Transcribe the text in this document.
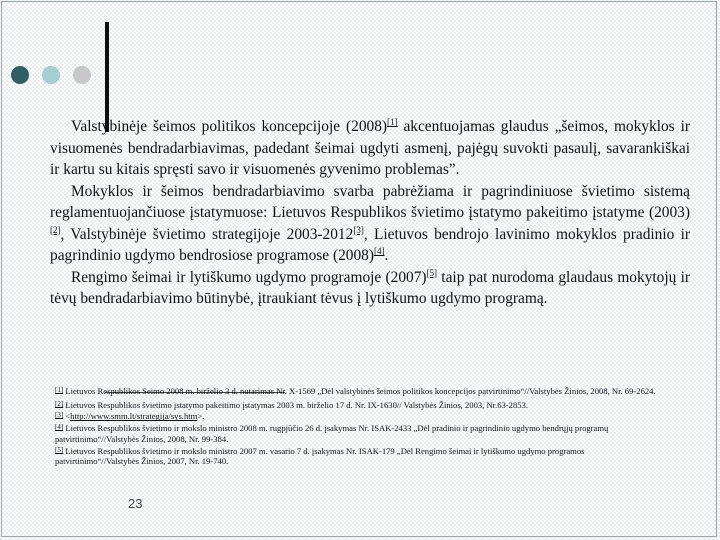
Valstybinėje šeimos politikos koncepcijoje (2008)[1] akcentuojamas glaudus „šeimos, mokyklos ir visuomenės bendradarbiavimas, padedant šeimai ugdyti asmenį, pajėgų suvokti pasaulį, savarankiškai ir kartu su kitais spręsti savo ir visuomenės gyvenimo problemas”.

Mokyklos ir šeimos bendradarbiavimo svarba pabrėžiama ir pagrindiniuose švietimo sistemą reglamentuojančiuose įstatymuose: Lietuvos Respublikos švietimo įstatymo pakeitimo įstatyme (2003)[2], Valstybinėje švietimo strategijoje 2003-2012[3], Lietuvos bendrojo lavinimo mokyklos pradinio ir pagrindinio ugdymo bendrosiose programose (2008)[4].

Rengimo šeimai ir lytiškumo ugdymo programoje (2007)[5] taip pat nurodoma glaudaus mokytojų ir tėvų bendradarbiavimo būtinybė, įtraukiant tėvus į lytiškumo ugdymo programą.

[1] Lietuvos Respublikos Seimo 2008 m. birželio 3 d. nutarimas Nr. X-1569 „Dėl valstybinės šeimos politikos koncepcijos patvirtinimo“//Valstybės Žinios, 2008, Nr. 69-2624.
[2] Lietuvos Respublikos švietimo įstatymo pakeitimo įstatymas 2003 m. birželio 17 d. Nr. IX-1630// Valstybės Žinios, 2003, Nr.63-2853.
[3] <http://www.smm.lt/strategija/sys.htm>.
[4] Lietuvos Respublikos švietimo ir mokslo ministro 2008 m. rugpjūčio 26 d. įsakymas Nr. ISAK-2433 „Dėl pradinio ir pagrindinio ugdymo bendrųjų programų patvirtinimo“//Valstybės Žinios, 2008, Nr. 99-384.
[5] Lietuvos Respublikos švietimo ir mokslo ministro 2007 m. vasario 7 d. įsakymas Nr. ISAK-179 „Dėl Rengimo šeimai ir lytiškumo ugdymo programos patvirtinimo“//Valstybės Žinios, 2007, Nr. 19-740.
23
